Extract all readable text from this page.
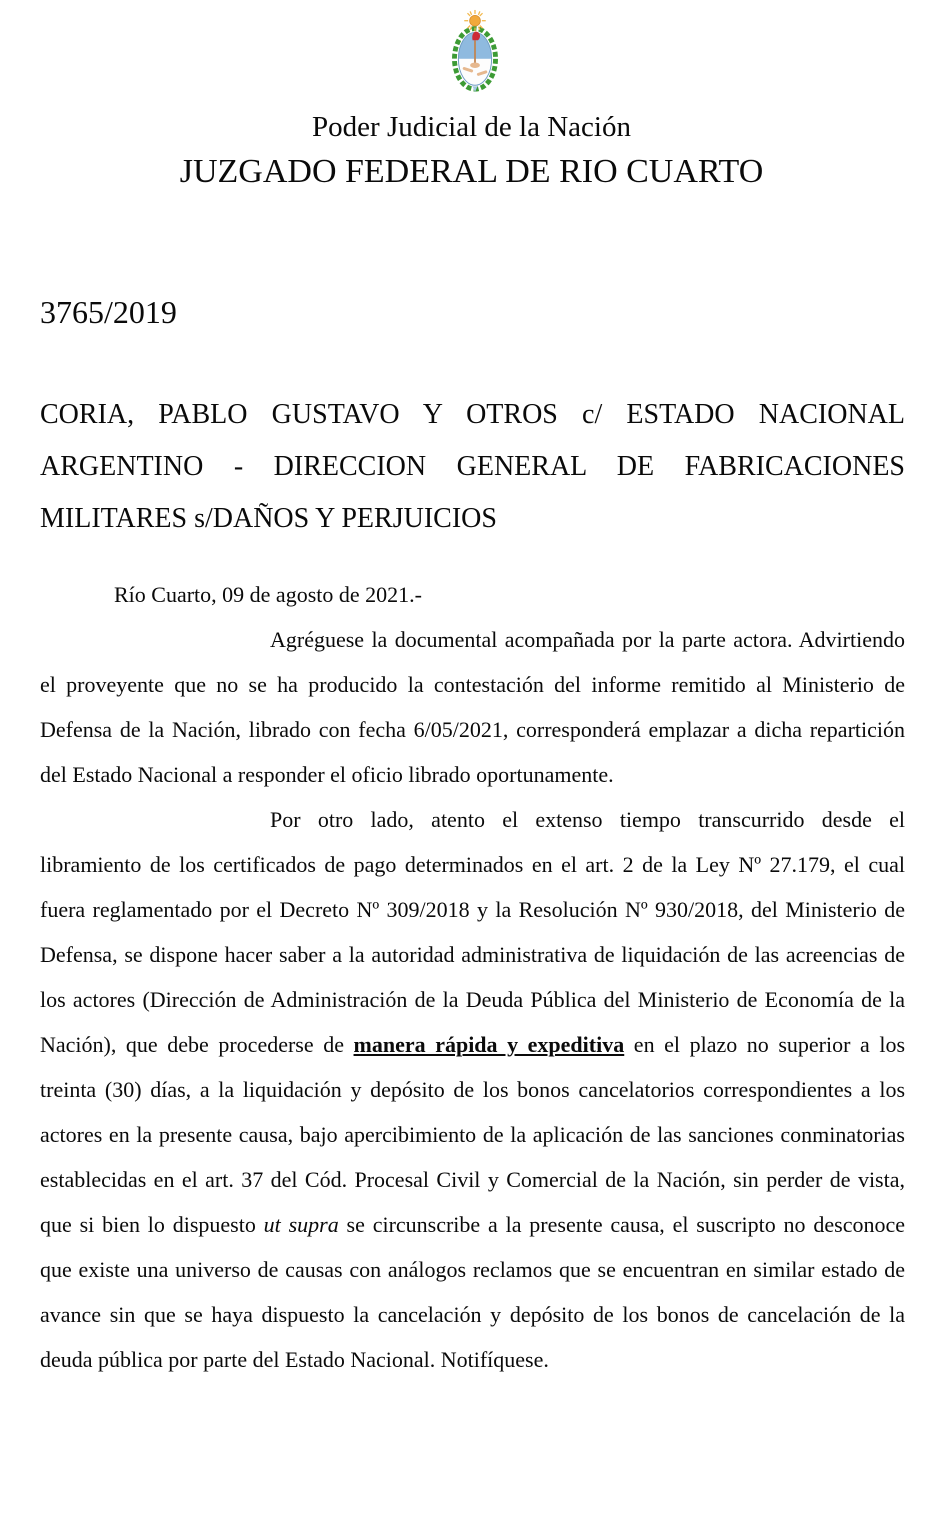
Poder Judicial de la Nación
JUZGADO FEDERAL DE RIO CUARTO
3765/2019
CORIA, PABLO GUSTAVO Y OTROS c/ ESTADO NACIONAL ARGENTINO - DIRECCION GENERAL DE FABRICACIONES MILITARES s/DAÑOS Y PERJUICIOS

Río Cuarto, 09 de agosto de 2021.-

Agréguese la documental acompañada por la parte actora. Advirtiendo el proveyente que no se ha producido la contestación del informe remitido al Ministerio de Defensa de la Nación, librado con fecha 6/05/2021, corresponderá emplazar a dicha repartición del Estado Nacional a responder el oficio librado oportunamente.

Por otro lado, atento el extenso tiempo transcurrido desde el libramiento de los certificados de pago determinados en el art. 2 de la Ley Nº 27.179, el cual fuera reglamentado por el Decreto Nº 309/2018 y la Resolución Nº 930/2018, del Ministerio de Defensa, se dispone hacer saber a la autoridad administrativa de liquidación de las acreencias de los actores (Dirección de Administración de la Deuda Pública del Ministerio de Economía de la Nación), que debe procederse de manera rápida y expeditiva en el plazo no superior a los treinta (30) días, a la liquidación y depósito de los bonos cancelatorios correspondientes a los actores en la presente causa, bajo apercibimiento de la aplicación de las sanciones conminatorias establecidas en el art. 37 del Cód. Procesal Civil y Comercial de la Nación, sin perder de vista, que si bien lo dispuesto ut supra se circunscribe a la presente causa, el suscripto no desconoce que existe una universo de causas con análogos reclamos que se encuentran en similar estado de avance sin que se haya dispuesto la cancelación y depósito de los bonos de cancelación de la deuda pública por parte del Estado Nacional. Notifíquese.
